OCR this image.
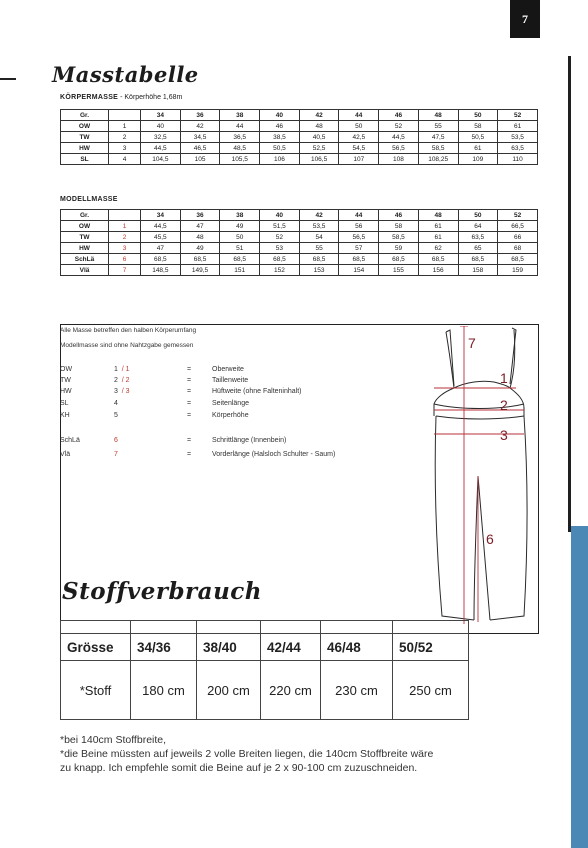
7
Masstabelle
KÖRPERMASSE - Körperhöhe 1,68m
Gr.		34	36	38	40	42	44	46	48	50	52
OW	1	40	42	44	46	48	50	52	55	58	61
TW	2	32,5	34,5	36,5	38,5	40,5	42,5	44,5	47,5	50,5	53,5
HW	3	44,5	46,5	48,5	50,5	52,5	54,5	56,5	58,5	61	63,5
SL	4	104,5	105	105,5	106	106,5	107	108	108,25	109	110
MODELLMASSE
Gr.		34	36	38	40	42	44	46	48	50	52
OW	1	44,5	47	49	51,5	53,5	56	58	61	64	66,5
TW	2	45,5	48	50	52	54	56,5	58,5	61	63,5	66
HW	3	47	49	51	53	55	57	59	62	65	68
SchLä	6	68,5	68,5	68,5	68,5	68,5	68,5	68,5	68,5	68,5	68,5
Vlä	7	148,5	149,5	151	152	153	154	155	156	158	159
Alle Masse betreffen den halben Körperumfang
Modellmasse sind ohne Nahtzgabe gemessen
OW	1 / 1	=	Oberweite
TW	2 / 2	=	Taillenweite
HW	3 / 3	=	Hüftweite (ohne Falteninhalt)
SL	4	=	Seitenlänge
KH	5	=	Körperhöhe
SchLä	6	=	Schrittlänge (Innenbein)
Vlä	7	=	Vorderlänge (Halsloch Schulter - Saum)
7
1
2
3
6
Stoffverbrauch

Grösse	34/36	38/40	42/44	46/48	50/52
*Stoff	180 cm	200 cm	220 cm	230 cm	250 cm
*bei 140cm Stoffbreite,
*die Beine müssten auf jeweils 2 volle Breiten liegen, die 140cm Stoffbreite wäre
zu knapp. Ich empfehle somit die Beine auf je 2 x 90-100 cm zuzuschneiden.
